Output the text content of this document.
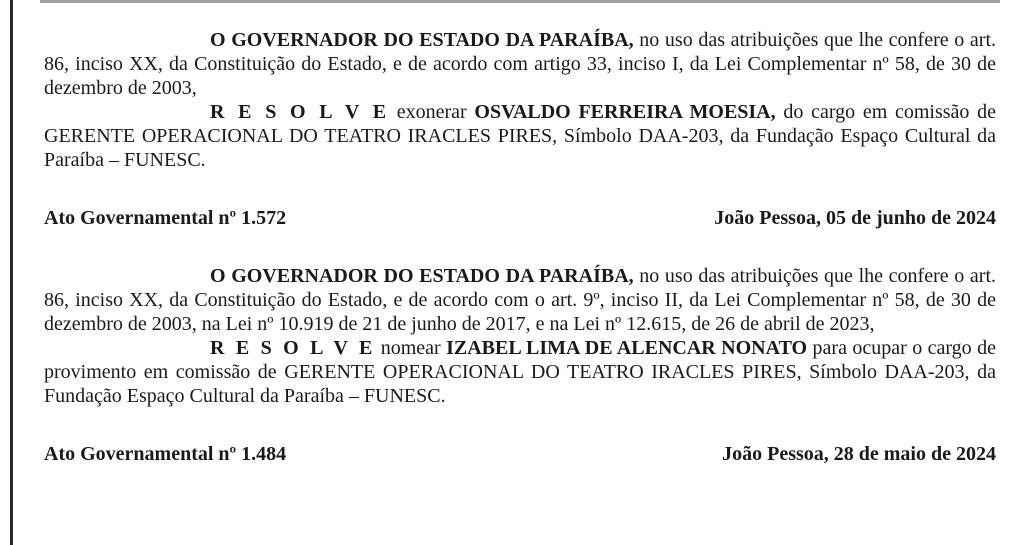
O GOVERNADOR DO ESTADO DA PARAÍBA, no uso das atribuições que lhe confere o art. 86, inciso XX, da Constituição do Estado, e de acordo com artigo 33, inciso I, da Lei Complementar nº 58, de 30 de dezembro de 2003,

R E S O L V E exonerar OSVALDO FERREIRA MOESIA, do cargo em comissão de GERENTE OPERACIONAL DO TEATRO IRACLES PIRES, Símbolo DAA-203, da Fundação Espaço Cultural da Paraíba – FUNESC.

Ato Governamental nº 1.572	João Pessoa, 05 de junho de 2024

O GOVERNADOR DO ESTADO DA PARAÍBA, no uso das atribuições que lhe confere o art. 86, inciso XX, da Constituição do Estado, e de acordo com o art. 9º, inciso II, da Lei Complementar nº 58, de 30 de dezembro de 2003, na Lei nº 10.919 de 21 de junho de 2017, e na Lei nº 12.615, de 26 de abril de 2023,

R E S O L V E nomear IZABEL LIMA DE ALENCAR NONATO para ocupar o cargo de provimento em comissão de GERENTE OPERACIONAL DO TEATRO IRACLES PIRES, Símbolo DAA-203, da Fundação Espaço Cultural da Paraíba – FUNESC.

Ato Governamental nº 1.484	João Pessoa, 28 de maio de 2024
